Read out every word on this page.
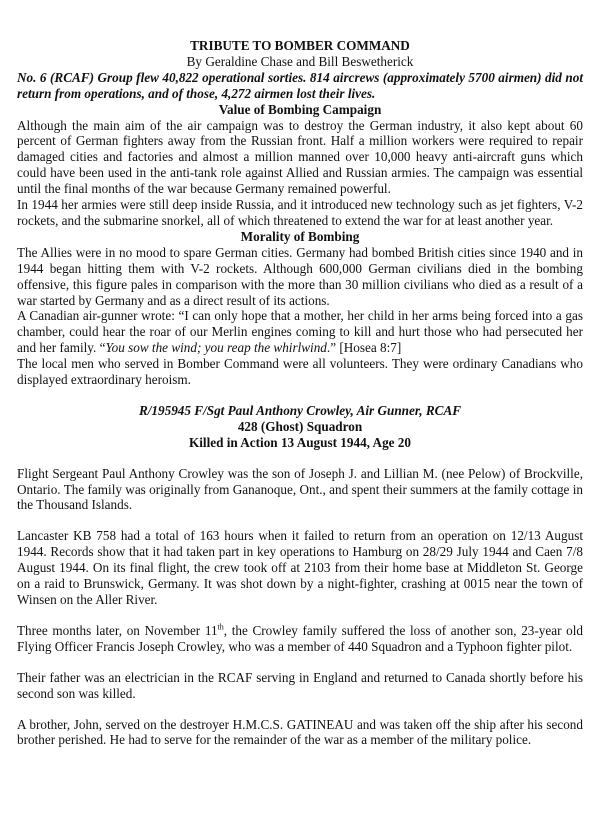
TRIBUTE TO BOMBER COMMAND

By Geraldine Chase and Bill Beswetherick

No. 6 (RCAF) Group flew 40,822 operational sorties. 814 aircrews (approximately 5700 airmen) did not return from operations, and of those, 4,272 airmen lost their lives.

Value of Bombing Campaign

Although the main aim of the air campaign was to destroy the German industry, it also kept about 60 percent of German fighters away from the Russian front. Half a million workers were required to repair damaged cities and factories and almost a million manned over 10,000 heavy anti-aircraft guns which could have been used in the anti-tank role against Allied and Russian armies. The campaign was essential until the final months of the war because Germany remained powerful.

In 1944 her armies were still deep inside Russia, and it introduced new technology such as jet fighters, V-2 rockets, and the submarine snorkel, all of which threatened to extend the war for at least another year.

Morality of Bombing

The Allies were in no mood to spare German cities. Germany had bombed British cities since 1940 and in 1944 began hitting them with V-2 rockets. Although 600,000 German civilians died in the bombing offensive, this figure pales in comparison with the more than 30 million civilians who died as a result of a war started by Germany and as a direct result of its actions.

A Canadian air-gunner wrote: “I can only hope that a mother, her child in her arms being forced into a gas chamber, could hear the roar of our Merlin engines coming to kill and hurt those who had persecuted her and her family. “You sow the wind; you reap the whirlwind.” [Hosea 8:7]

The local men who served in Bomber Command were all volunteers. They were ordinary Canadians who displayed extraordinary heroism.

R/195945 F/Sgt Paul Anthony Crowley, Air Gunner, RCAF

428 (Ghost) Squadron

Killed in Action 13 August 1944, Age 20

Flight Sergeant Paul Anthony Crowley was the son of Joseph J. and Lillian M. (nee Pelow) of Brockville, Ontario. The family was originally from Gananoque, Ont., and spent their summers at the family cottage in the Thousand Islands.

Lancaster KB 758 had a total of 163 hours when it failed to return from an operation on 12/13 August 1944. Records show that it had taken part in key operations to Hamburg on 28/29 July 1944 and Caen 7/8 August 1944. On its final flight, the crew took off at 2103 from their home base at Middleton St. George on a raid to Brunswick, Germany. It was shot down by a night-fighter, crashing at 0015 near the town of Winsen on the Aller River.

Three months later, on November 11th, the Crowley family suffered the loss of another son, 23-year old Flying Officer Francis Joseph Crowley, who was a member of 440 Squadron and a Typhoon fighter pilot.

Their father was an electrician in the RCAF serving in England and returned to Canada shortly before his second son was killed.

A brother, John, served on the destroyer H.M.C.S. GATINEAU and was taken off the ship after his second brother perished. He had to serve for the remainder of the war as a member of the military police.
